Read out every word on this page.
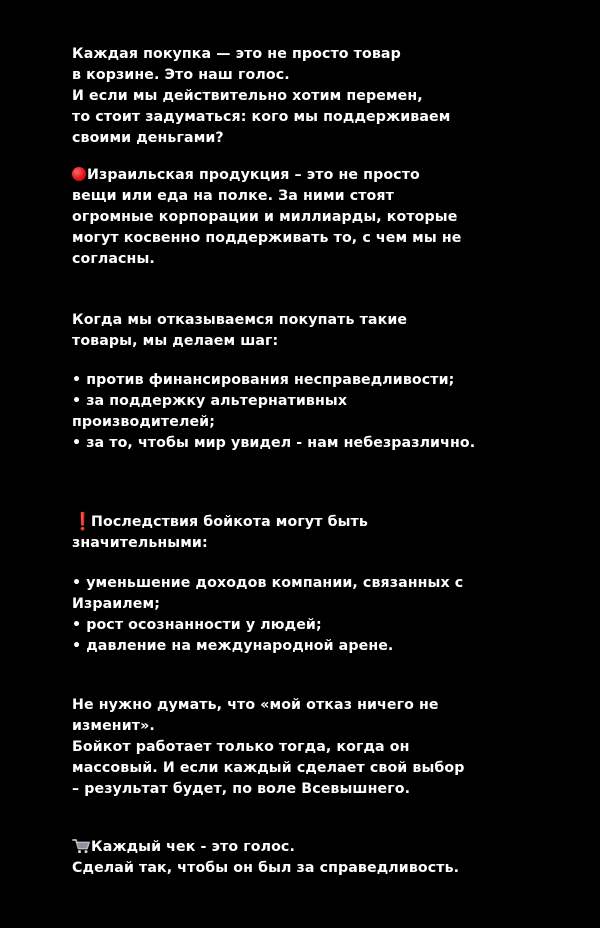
Каждая покупка — это не просто товар
в корзине. Это наш голос.
И если мы действительно хотим перемен,
то стоит задуматься: кого мы поддерживаем
своими деньгами?
Израильская продукция – это не просто
вещи или еда на полке. За ними стоят
огромные корпорации и миллиарды, которые
могут косвенно поддерживать то, с чем мы не
согласны.
Когда мы отказываемся покупать такие
товары, мы делаем шаг:
• против финансирования несправедливости;
• за поддержку альтернативных
производителей;
• за то, чтобы мир увидел - нам небезразлично.
❗Последствия бойкота могут быть
значительными:
• уменьшение доходов компании, связанных с
Израилем;
• рост осознанности у людей;
• давление на международной арене.
Не нужно думать, что «мой отказ ничего не
изменит».
Бойкот работает только тогда, когда он
массовый. И если каждый сделает свой выбор
– результат будет, по воле Всевышнего.
Каждый чек - это голос.
Сделай так, чтобы он был за справедливость.
